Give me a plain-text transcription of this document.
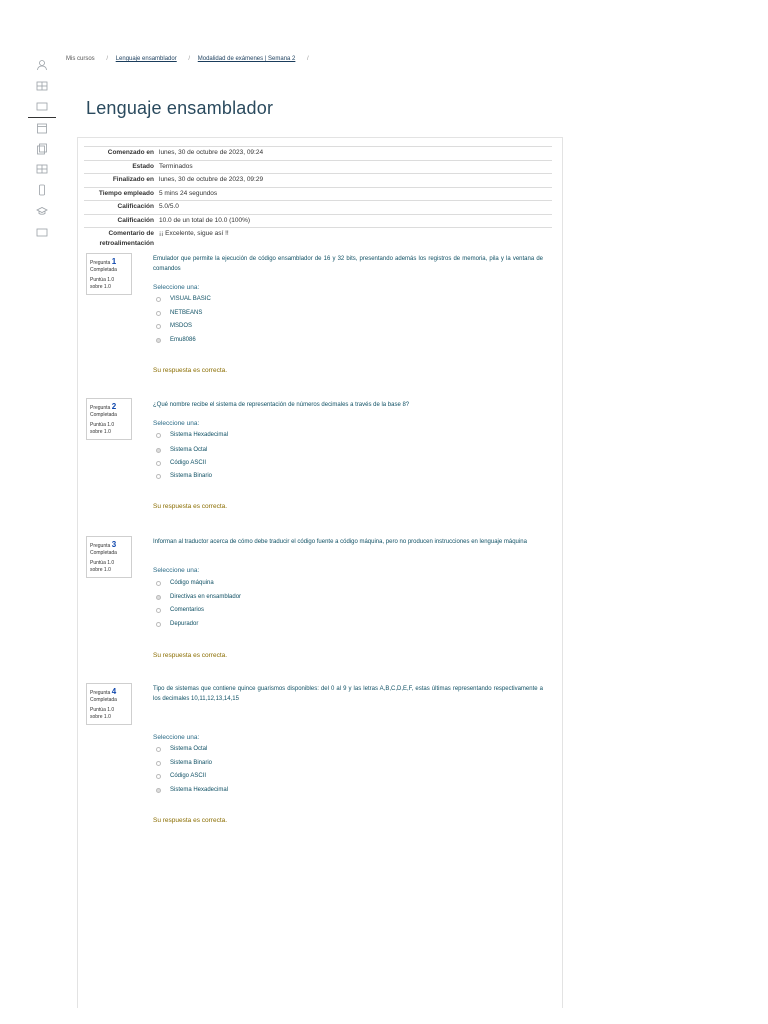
Mis cursos / Lenguaje ensamblador / Modalidad de exámenes | Semana 2 /
Lenguaje ensamblador
Comenzado en lunes, 30 de octubre de 2023, 09:24
Estado Terminados
Finalizado en lunes, 30 de octubre de 2023, 09:29
Tiempo empleado 5 mins 24 segundos
Calificación 5.0/5.0
Calificación 10.0 de un total de 10.0 (100%)
Comentario de retroalimentación
¡¡ Excelente, sigue así !!
Pregunta 1
Completada
Puntúa 1.0 sobre 1.0
Emulador que permite la ejecución de código ensamblador de 16 y 32 bits, presentando además los registros de memoria, pila y la ventana de comandos
Seleccione una:
VISUAL BASIC
NETBEANS
MSDOS
Emu8086
Su respuesta es correcta.
Pregunta 2
Completada
Puntúa 1.0 sobre 1.0
¿Qué nombre recibe el sistema de representación de números decimales a través de la base 8?
Seleccione una:
Sistema Hexadecimal
Sistema Octal
Código ASCII
Sistema Binario
Su respuesta es correcta.
Pregunta 3
Completada
Puntúa 1.0 sobre 1.0
Informan al traductor acerca de cómo debe traducir el código fuente a código máquina, pero no producen instrucciones en lenguaje máquina
Seleccione una:
Código máquina
Directivas en ensamblador
Comentarios
Depurador
Su respuesta es correcta.
Pregunta 4
Completada
Puntúa 1.0 sobre 1.0
Tipo de sistemas que contiene quince guarismos disponibles: del 0 al 9 y las letras A,B,C,D,E,F, estas últimas representando respectivamente a los decimales 10,11,12,13,14,15
Seleccione una:
Sistema Octal
Sistema Binario
Código ASCII
Sistema Hexadecimal
Su respuesta es correcta.
